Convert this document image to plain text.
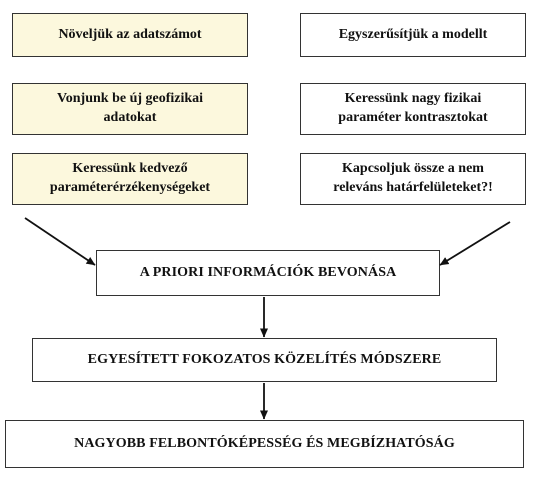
Növeljük az adatszámot
Vonjunk be új geofizikai adatokat
Keressünk kedvező paraméterérzékenységeket
Egyszerűsítjük a modellt
Keressünk nagy fizikai paraméter kontrasztokat
Kapcsoljuk össze a nem releváns határfelületeket?!
A PRIORI INFORMÁCIÓK BEVONÁSA
EGYESÍTETT FOKOZATOS KÖZELÍTÉS MÓDSZERE
NAGYOBB FELBONTÓKÉPESSÉG ÉS MEGBÍZHATÓSÁG
